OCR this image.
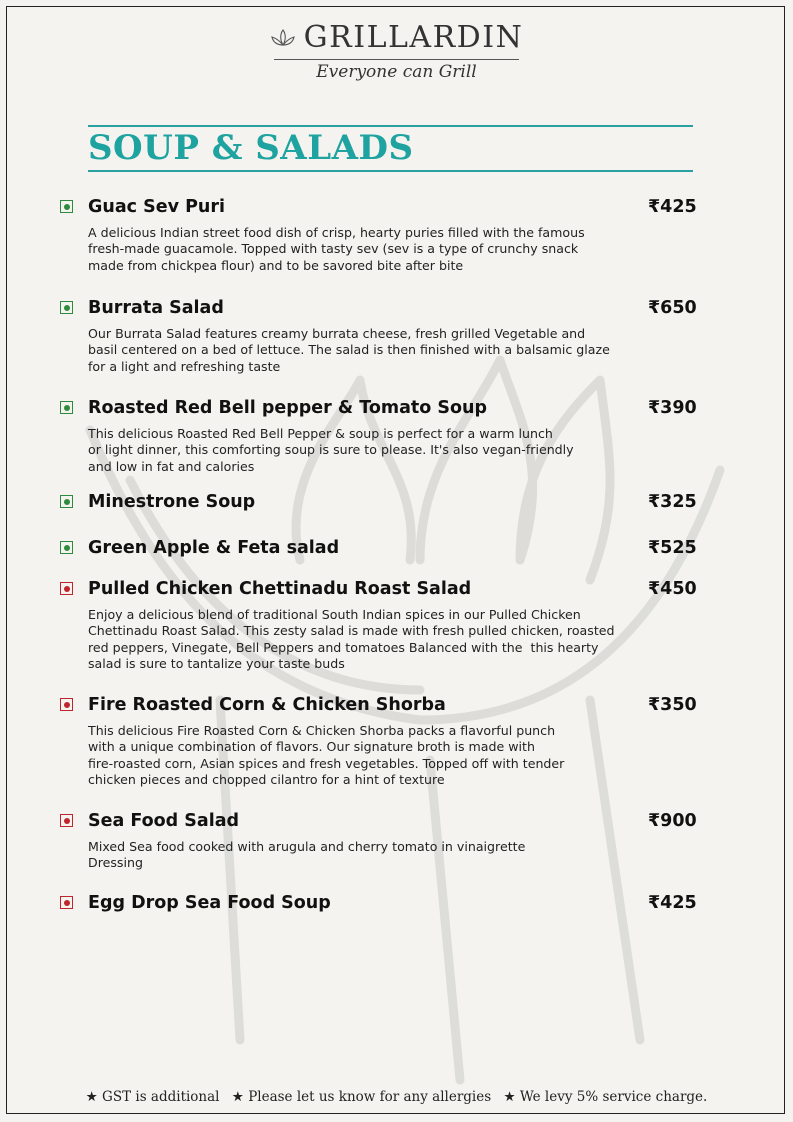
GRILLARDIN
Everyone can Grill
SOUP & SALADS
Guac Sev Puri	₹425
A delicious Indian street food dish of crisp, hearty puries filled with the famous
fresh-made guacamole. Topped with tasty sev (sev is a type of crunchy snack
made from chickpea flour) and to be savored bite after bite
Burrata Salad	₹650
Our Burrata Salad features creamy burrata cheese, fresh grilled Vegetable and
basil centered on a bed of lettuce. The salad is then finished with a balsamic glaze
for a light and refreshing taste
Roasted Red Bell pepper & Tomato Soup	₹390
This delicious Roasted Red Bell Pepper & soup is perfect for a warm lunch
or light dinner, this comforting soup is sure to please. It's also vegan-friendly
and low in fat and calories
Minestrone Soup	₹325
Green Apple & Feta salad	₹525
Pulled Chicken Chettinadu Roast Salad	₹450
Enjoy a delicious blend of traditional South Indian spices in our Pulled Chicken
Chettinadu Roast Salad. This zesty salad is made with fresh pulled chicken, roasted
red peppers, Vinegate, Bell Peppers and tomatoes Balanced with the  this hearty
salad is sure to tantalize your taste buds
Fire Roasted Corn & Chicken Shorba	₹350
This delicious Fire Roasted Corn & Chicken Shorba packs a flavorful punch
with a unique combination of flavors. Our signature broth is made with
fire-roasted corn, Asian spices and fresh vegetables. Topped off with tender
chicken pieces and chopped cilantro for a hint of texture
Sea Food Salad	₹900
Mixed Sea food cooked with arugula and cherry tomato in vinaigrette
Dressing
Egg Drop Sea Food Soup	₹425
★ GST is additional ★ Please let us know for any allergies ★ We levy 5% service charge.
